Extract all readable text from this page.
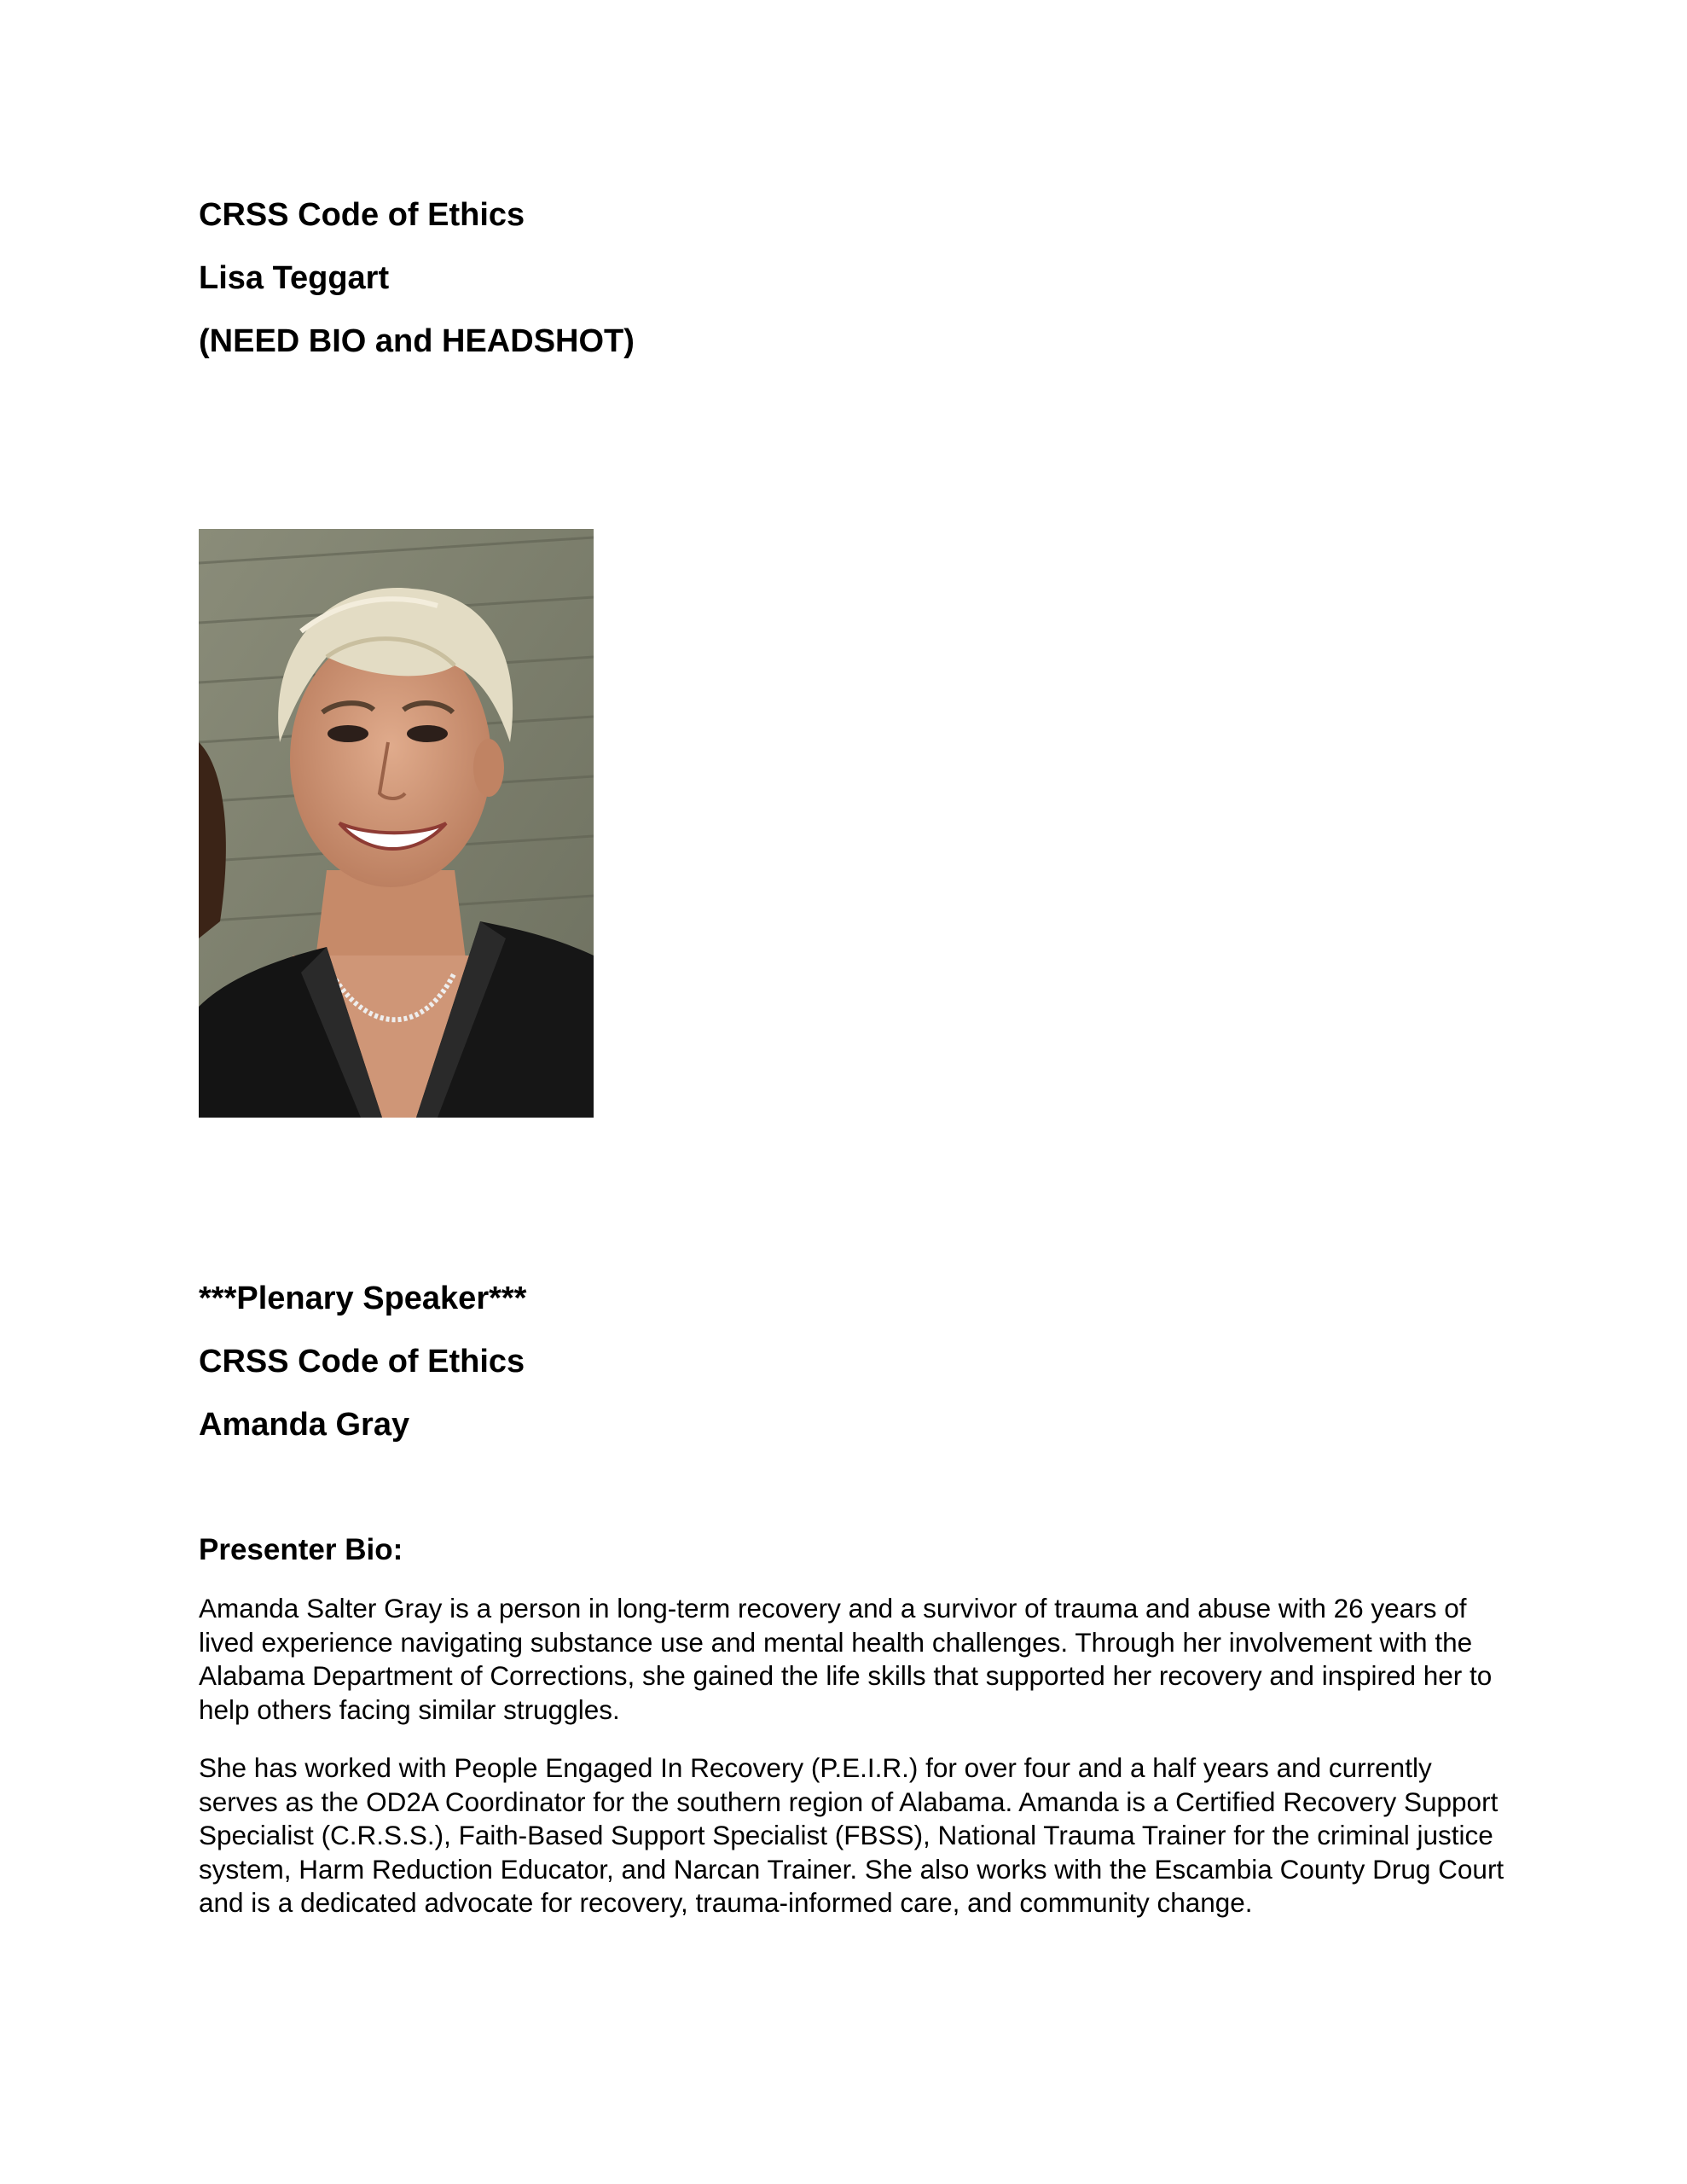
CRSS Code of Ethics
Lisa Teggart
(NEED BIO and HEADSHOT)
***Plenary Speaker***
CRSS Code of Ethics
Amanda Gray
Presenter Bio:

Amanda Salter Gray is a person in long-term recovery and a survivor of trauma and abuse with 26 years of lived experience navigating substance use and mental health challenges. Through her involvement with the Alabama Department of Corrections, she gained the life skills that supported her recovery and inspired her to help others facing similar struggles.

She has worked with People Engaged In Recovery (P.E.I.R.) for over four and a half years and currently serves as the OD2A Coordinator for the southern region of Alabama. Amanda is a Certified Recovery Support Specialist (C.R.S.S.), Faith-Based Support Specialist (FBSS), National Trauma Trainer for the criminal justice system, Harm Reduction Educator, and Narcan Trainer. She also works with the Escambia County Drug Court and is a dedicated advocate for recovery, trauma-informed care, and community change.
